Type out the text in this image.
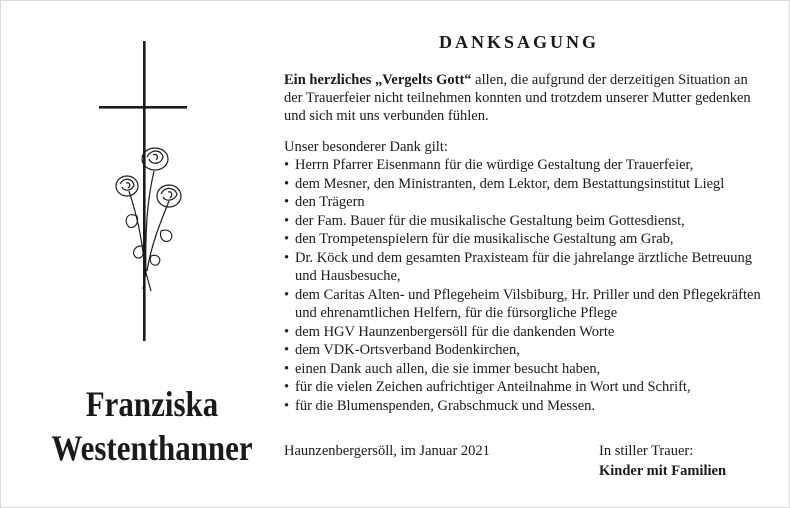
Franziska
Westenthanner
DANKSAGUNG
Ein herzliches „Vergelts Gott“ allen, die aufgrund der derzeitigen Situation an der Trauerfeier nicht teilnehmen konnten und trotzdem unserer Mutter gedenken und sich mit uns verbunden fühlen.
Unser besonderer Dank gilt:
• Herrn Pfarrer Eisenmann für die würdige Gestaltung der Trauerfeier,
• dem Mesner, den Ministranten, dem Lektor, dem Bestattungsinstitut Liegl
• den Trägern
• der Fam. Bauer für die musikalische Gestaltung beim Gottesdienst,
• den Trompetenspielern für die musikalische Gestaltung am Grab,
• Dr. Köck und dem gesamten Praxisteam für die jahrelange ärztliche Betreuung und Hausbesuche,
• dem Caritas Alten- und Pflegeheim Vilsbiburg, Hr. Priller und den Pflegekräften und ehrenamtlichen Helfern, für die fürsorgliche Pflege
• dem HGV Haunzenbergersöll für die dankenden Worte
• dem VDK-Ortsverband Bodenkirchen,
• einen Dank auch allen, die sie immer besucht haben,
• für die vielen Zeichen aufrichtiger Anteilnahme in Wort und Schrift,
• für die Blumenspenden, Grabschmuck und Messen.
Haunzenbergersöll, im Januar 2021	In stiller Trauer:
Kinder mit Familien
